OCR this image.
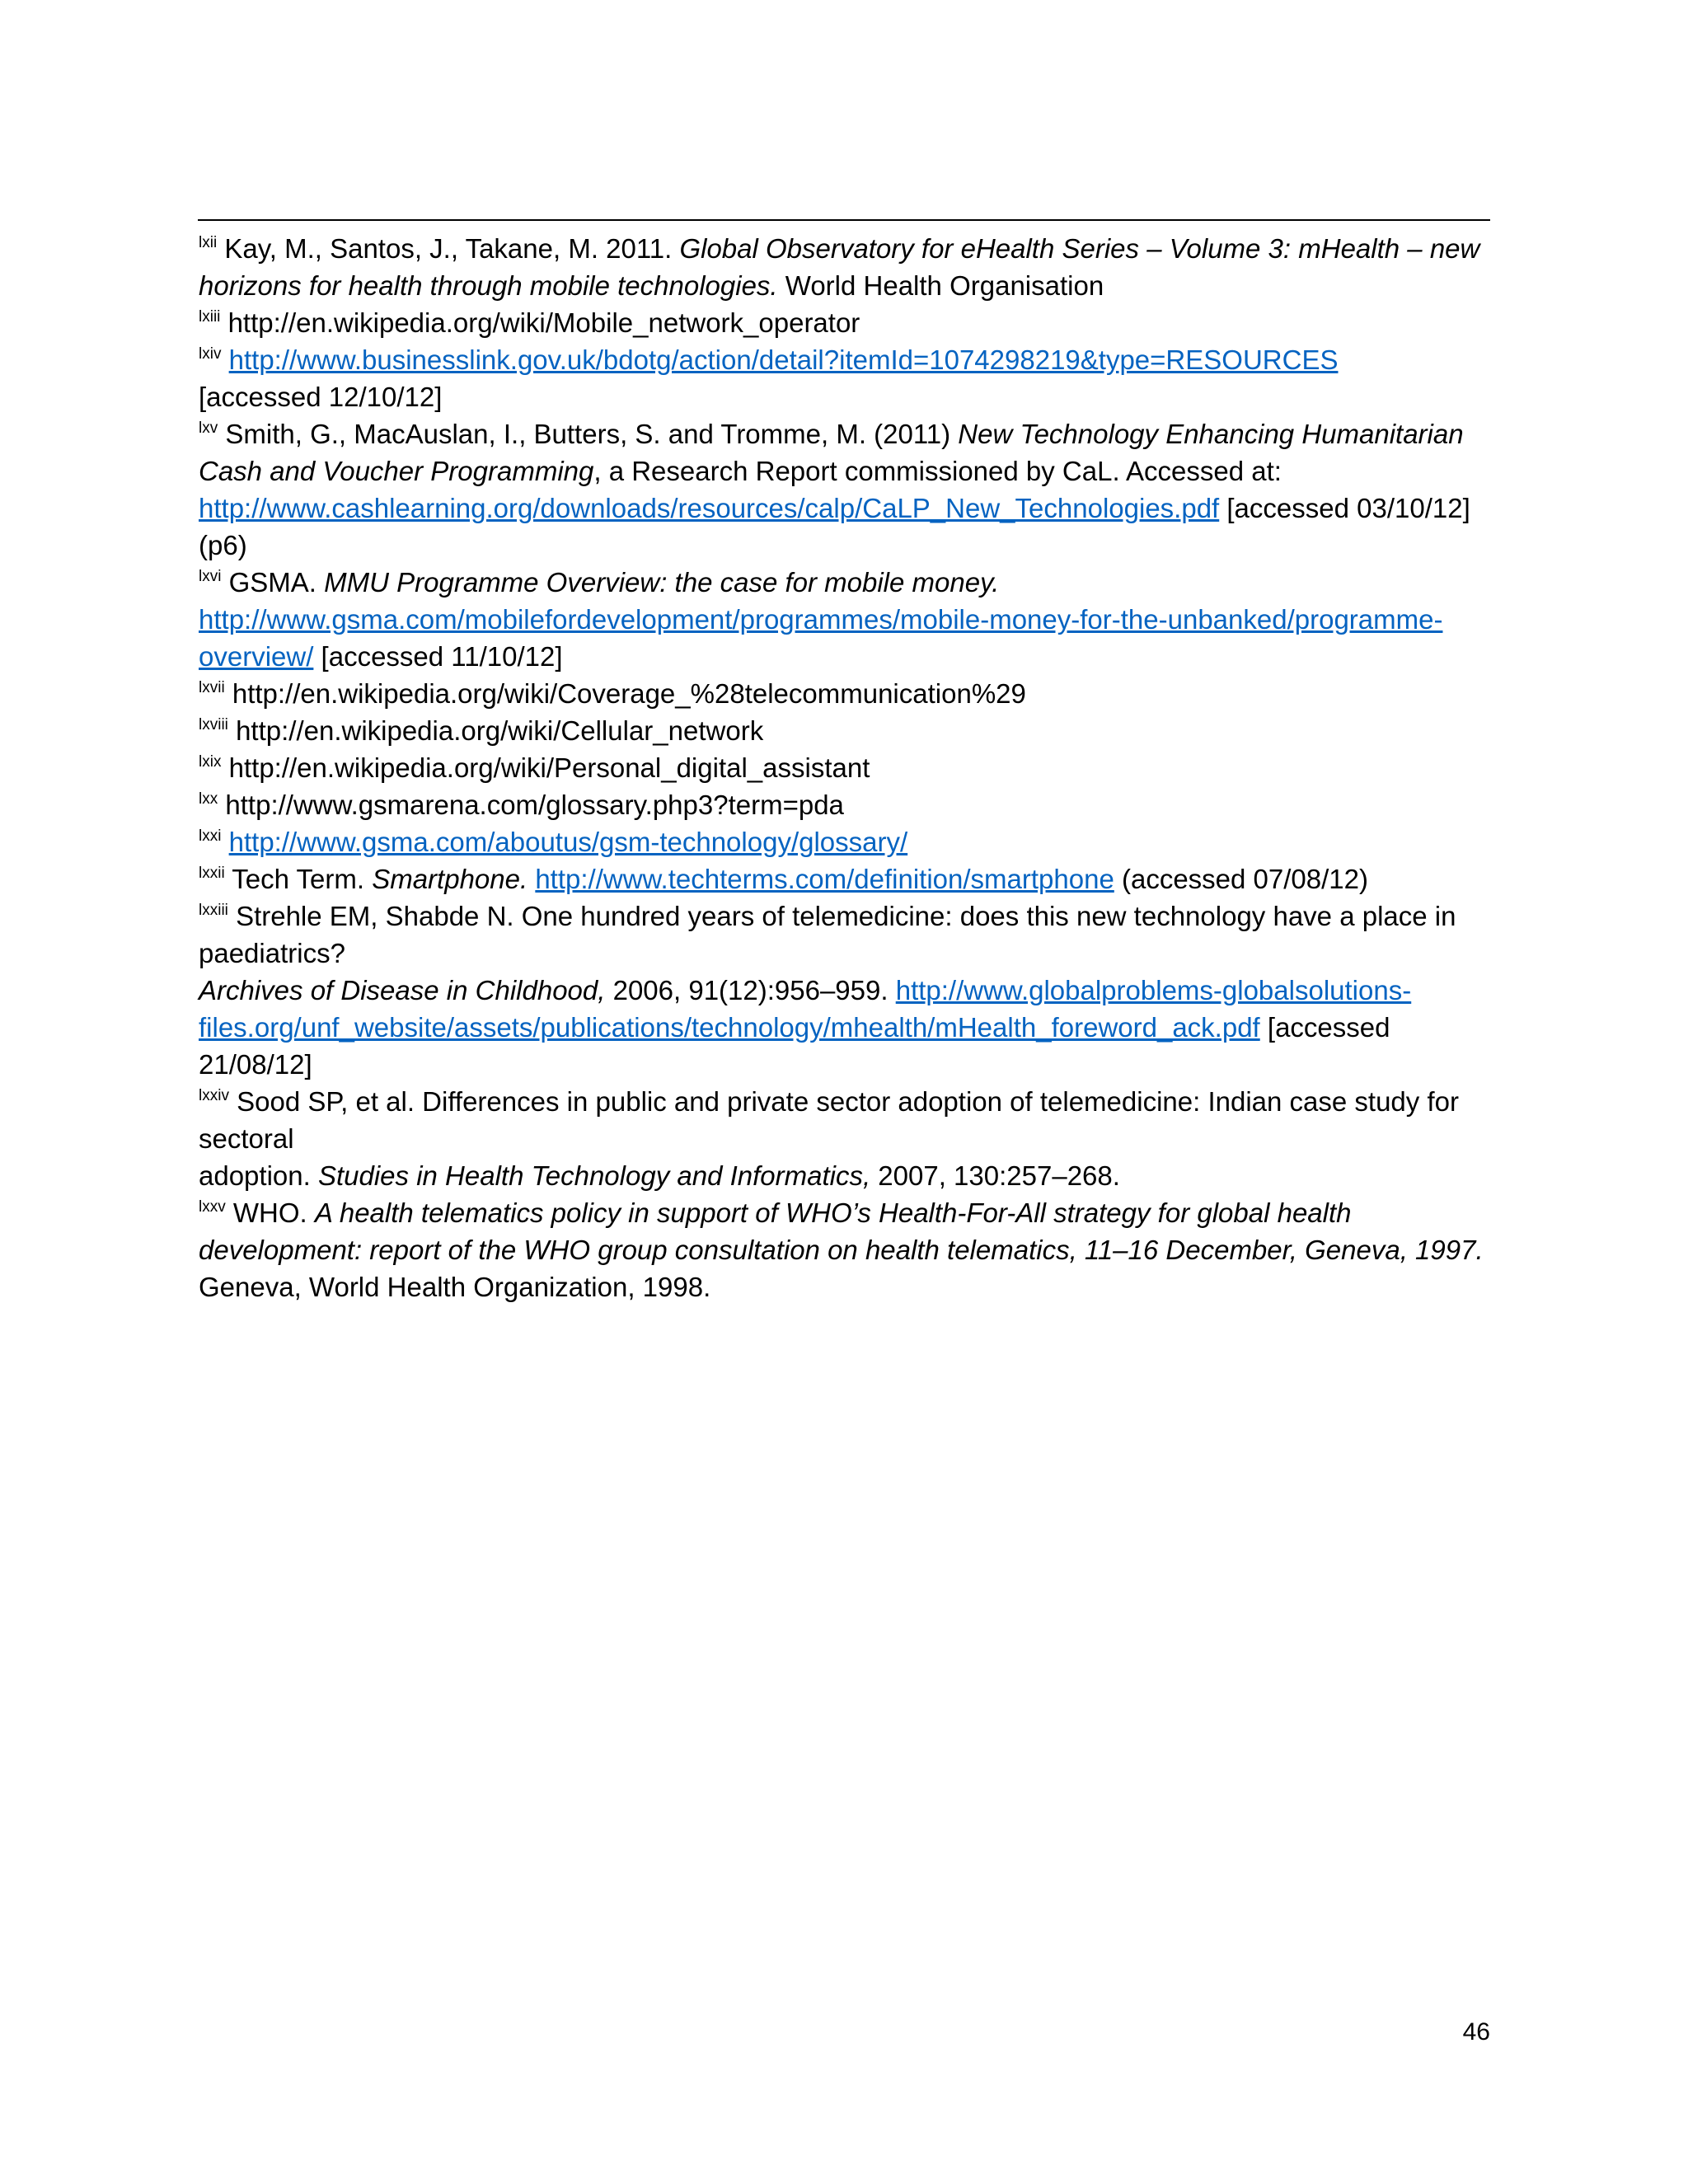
$^{lxii}$ Kay, M., Santos, J., Takane, M. 2011. Global Observatory for eHealth Series – Volume 3: mHealth – new horizons for health through mobile technologies. World Health Organisation

$^{lxiii}$ http://en.wikipedia.org/wiki/Mobile_network_operator

$^{lxiv}$ http://www.businesslink.gov.uk/bdotg/action/detail?itemId=1074298219&type=RESOURCES
[accessed 12/10/12]

$^{lxv}$ Smith, G., MacAuslan, I., Butters, S. and Tromme, M. (2011) New Technology Enhancing Humanitarian Cash and Voucher Programming, a Research Report commissioned by CaL. Accessed at: http://www.cashlearning.org/downloads/resources/calp/CaLP_New_Technologies.pdf [accessed 03/10/12] (p6)

$^{lxvi}$ GSMA. MMU Programme Overview: the case for mobile money.
http://www.gsma.com/mobilefordevelopment/programmes/mobile-money-for-the-unbanked/programme-overview/ [accessed 11/10/12]

$^{lxvii}$ http://en.wikipedia.org/wiki/Coverage_%28telecommunication%29

$^{lxviii}$ http://en.wikipedia.org/wiki/Cellular_network

$^{lxix}$ http://en.wikipedia.org/wiki/Personal_digital_assistant

$^{lxx}$ http://www.gsmarena.com/glossary.php3?term=pda

$^{lxxi}$ http://www.gsma.com/aboutus/gsm-technology/glossary/

$^{lxxii}$ Tech Term. Smartphone. http://www.techterms.com/definition/smartphone (accessed 07/08/12)

$^{lxxiii}$ Strehle EM, Shabde N. One hundred years of telemedicine: does this new technology have a place in paediatrics?
Archives of Disease in Childhood, 2006, 91(12):956–959. http://www.globalproblems-globalsolutions-files.org/unf_website/assets/publications/technology/mhealth/mHealth_foreword_ack.pdf [accessed 21/08/12]

$^{lxxiv}$ Sood SP, et al. Differences in public and private sector adoption of telemedicine: Indian case study for sectoral
adoption. Studies in Health Technology and Informatics, 2007, 130:257–268.

$^{lxxv}$ WHO. A health telematics policy in support of WHO’s Health-For-All strategy for global health development: report of the WHO group consultation on health telematics, 11–16 December, Geneva, 1997. Geneva, World Health Organization, 1998.

46
